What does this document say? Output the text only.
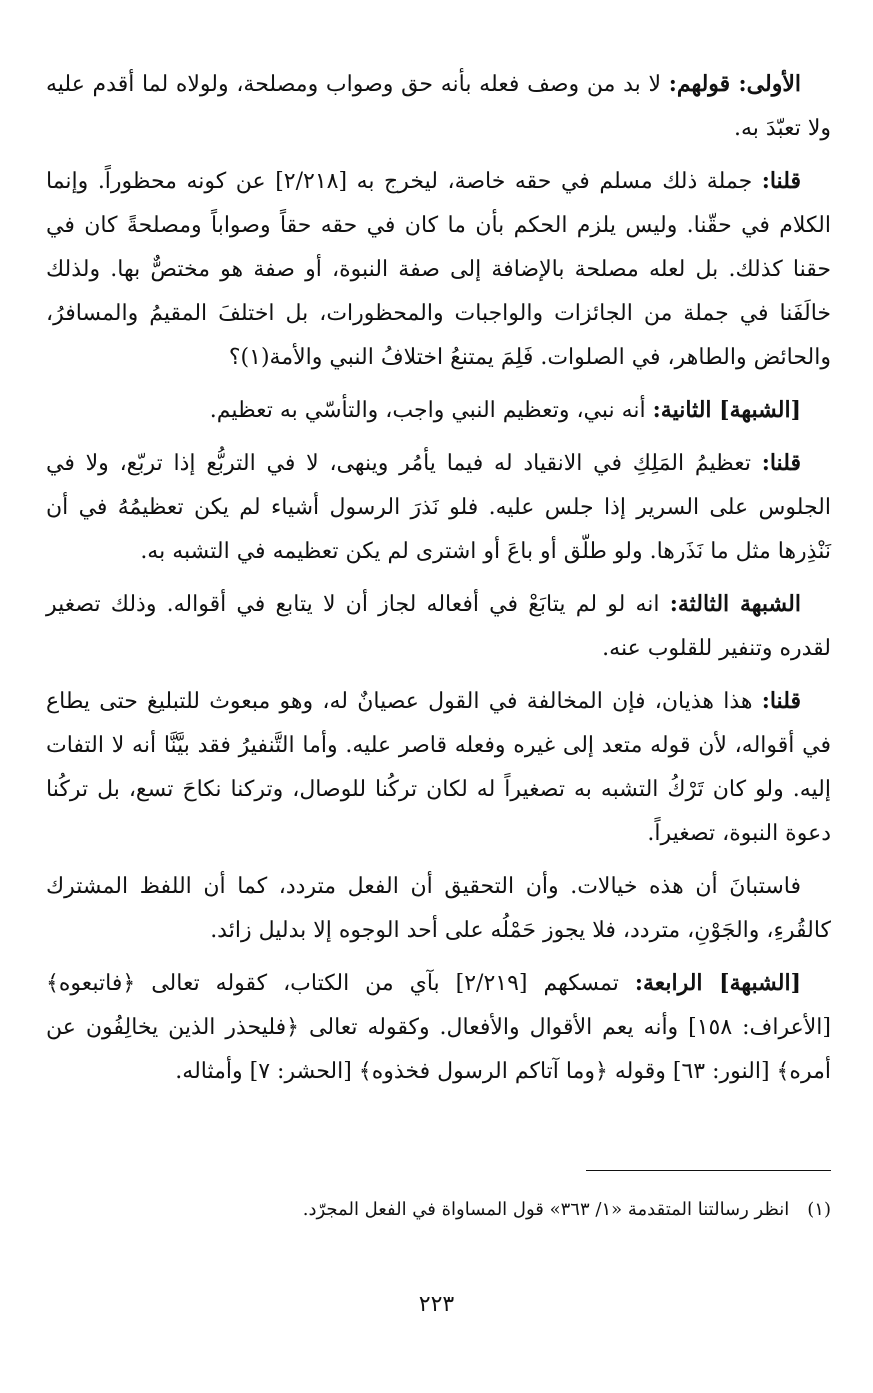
الأولى: قولهم: لا بد من وصف فعله بأنه حق وصواب ومصلحة، ولولاه لما أقدم عليه ولا تعبّدَ به.

قلنا: جملة ذلك مسلم في حقه خاصة، ليخرج به [٢/٢١٨] عن كونه محظوراً. وإنما الكلام في حقّنا. وليس يلزم الحكم بأن ما كان في حقه حقاً وصواباً ومصلحةً كان في حقنا كذلك. بل لعله مصلحة بالإضافة إلى صفة النبوة، أو صفة هو مختصٌّ بها. ولذلك خالَفَنا في جملة من الجائزات والواجبات والمحظورات، بل اختلفَ المقيمُ والمسافرُ، والحائض والطاهر، في الصلوات. فَلِمَ يمتنعُ اختلافُ النبي والأمة(١)؟

[الشبهة] الثانية: أنه نبي، وتعظيم النبي واجب، والتأسّي به تعظيم.

قلنا: تعظيمُ المَلِكِ في الانقياد له فيما يأمُر وينهى، لا في التربُّع إذا تربّع، ولا في الجلوس على السرير إذا جلس عليه. فلو نَذرَ الرسول أشياء لم يكن تعظيمُهُ في أن نَنْذِرها مثل ما نَذَرها. ولو طلّق أو باعَ أو اشترى لم يكن تعظيمه في التشبه به.

الشبهة الثالثة: انه لو لم يتابَعْ في أفعاله لجاز أن لا يتابع في أقواله. وذلك تصغير لقدره وتنفير للقلوب عنه.

قلنا: هذا هذيان، فإن المخالفة في القول عصيانٌ له، وهو مبعوث للتبليغ حتى يطاع في أقواله، لأن قوله متعد إلى غيره وفعله قاصر عليه. وأما التَّنفيرُ فقد بيَّنَّا أنه لا التفات إليه. ولو كان تَرْكُ التشبه به تصغيراً له لكان تركُنا للوصال، وتركنا نكاحَ تسع، بل تركُنا دعوة النبوة، تصغيراً.

فاستبانَ أن هذه خيالات. وأن التحقيق أن الفعل متردد، كما أن اللفظ المشترك كالقُرءِ، والجَوْنِ، متردد، فلا يجوز حَمْلُه على أحد الوجوه إلا بدليل زائد.

[الشبهة] الرابعة: تمسكهم [٢/٢١٩] بآي من الكتاب، كقوله تعالى ﴿فاتبعوه﴾ [الأعراف: ١٥٨] وأنه يعم الأقوال والأفعال. وكقوله تعالى ﴿فليحذر الذين يخالِفُون عن أمره﴾ [النور: ٦٣] وقوله ﴿وما آتاكم الرسول فخذوه﴾ [الحشر: ٧] وأمثاله.

(١)انظر رسالتنا المتقدمة «١/ ٣٦٣» قول المساواة في الفعل المجرّد.
٢٢٣
